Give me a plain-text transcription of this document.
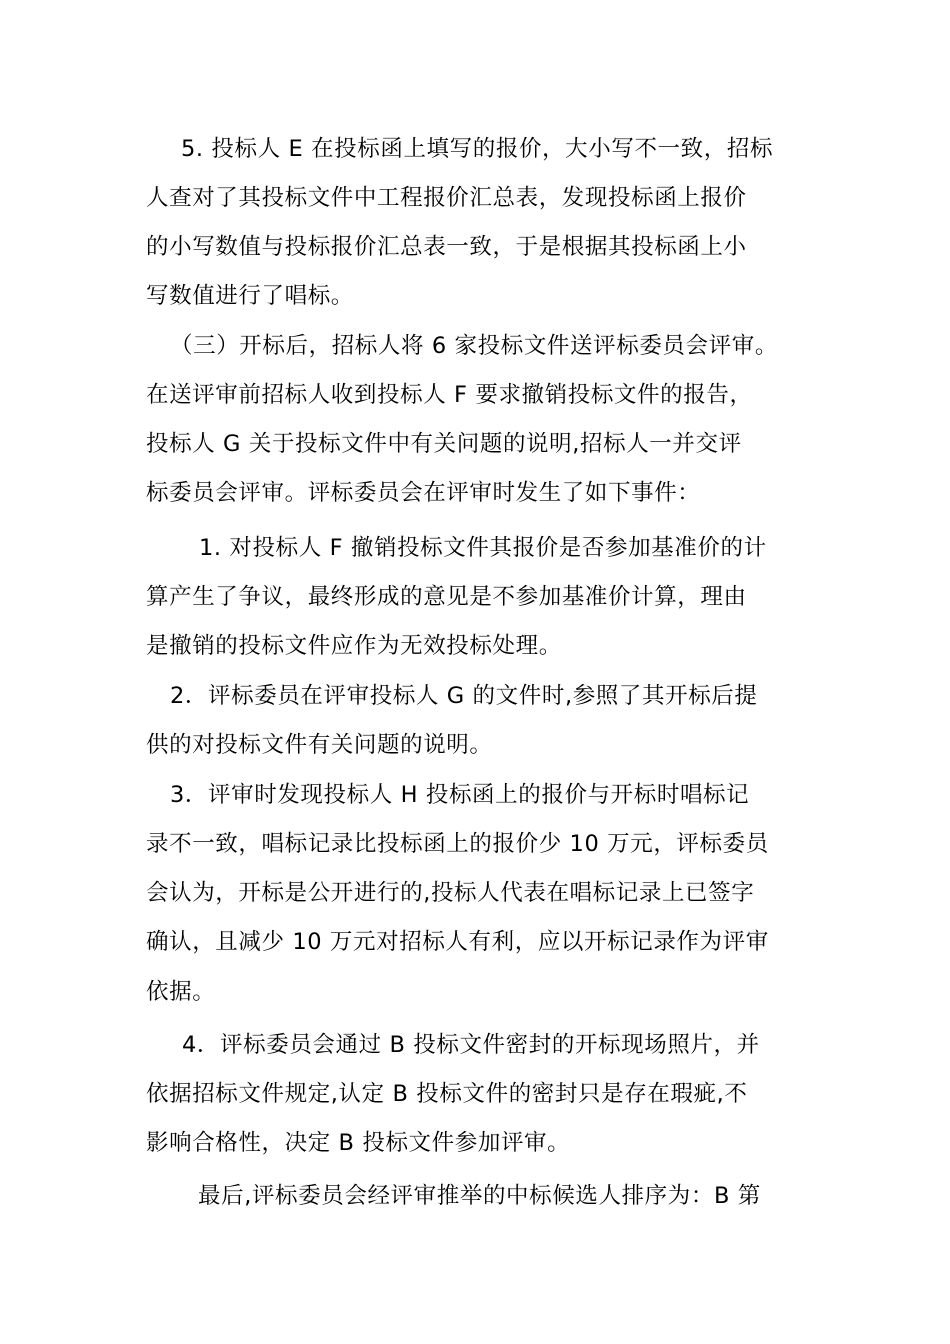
5. 投标人 E 在投标函上填写的报价，大小写不一致，招标

人查对了其投标文件中工程报价汇总表，发现投标函上报价

的小写数值与投标报价汇总表一致，于是根据其投标函上小

写数值进行了唱标。

（三）开标后，招标人将 6 家投标文件送评标委员会评审。

在送评审前招标人收到投标人 F 要求撤销投标文件的报告，

投标人 G 关于投标文件中有关问题的说明,招标人一并交评

标委员会评审。评标委员会在评审时发生了如下事件：

1. 对投标人 F 撤销投标文件其报价是否参加基准价的计

算产生了争议，最终形成的意见是不参加基准价计算，理由

是撤销的投标文件应作为无效投标处理。

2．评标委员在评审投标人 G 的文件时,参照了其开标后提

供的对投标文件有关问题的说明。

3．评审时发现投标人 H 投标函上的报价与开标时唱标记

录不一致，唱标记录比投标函上的报价少 10 万元，评标委员

会认为，开标是公开进行的,投标人代表在唱标记录上已签字

确认，且减少 10 万元对招标人有利，应以开标记录作为评审

依据。

4．评标委员会通过 B 投标文件密封的开标现场照片，并

依据招标文件规定,认定 B 投标文件的密封只是存在瑕疵,不

影响合格性，决定 B 投标文件参加评审。

最后,评标委员会经评审推举的中标候选人排序为：B 第
